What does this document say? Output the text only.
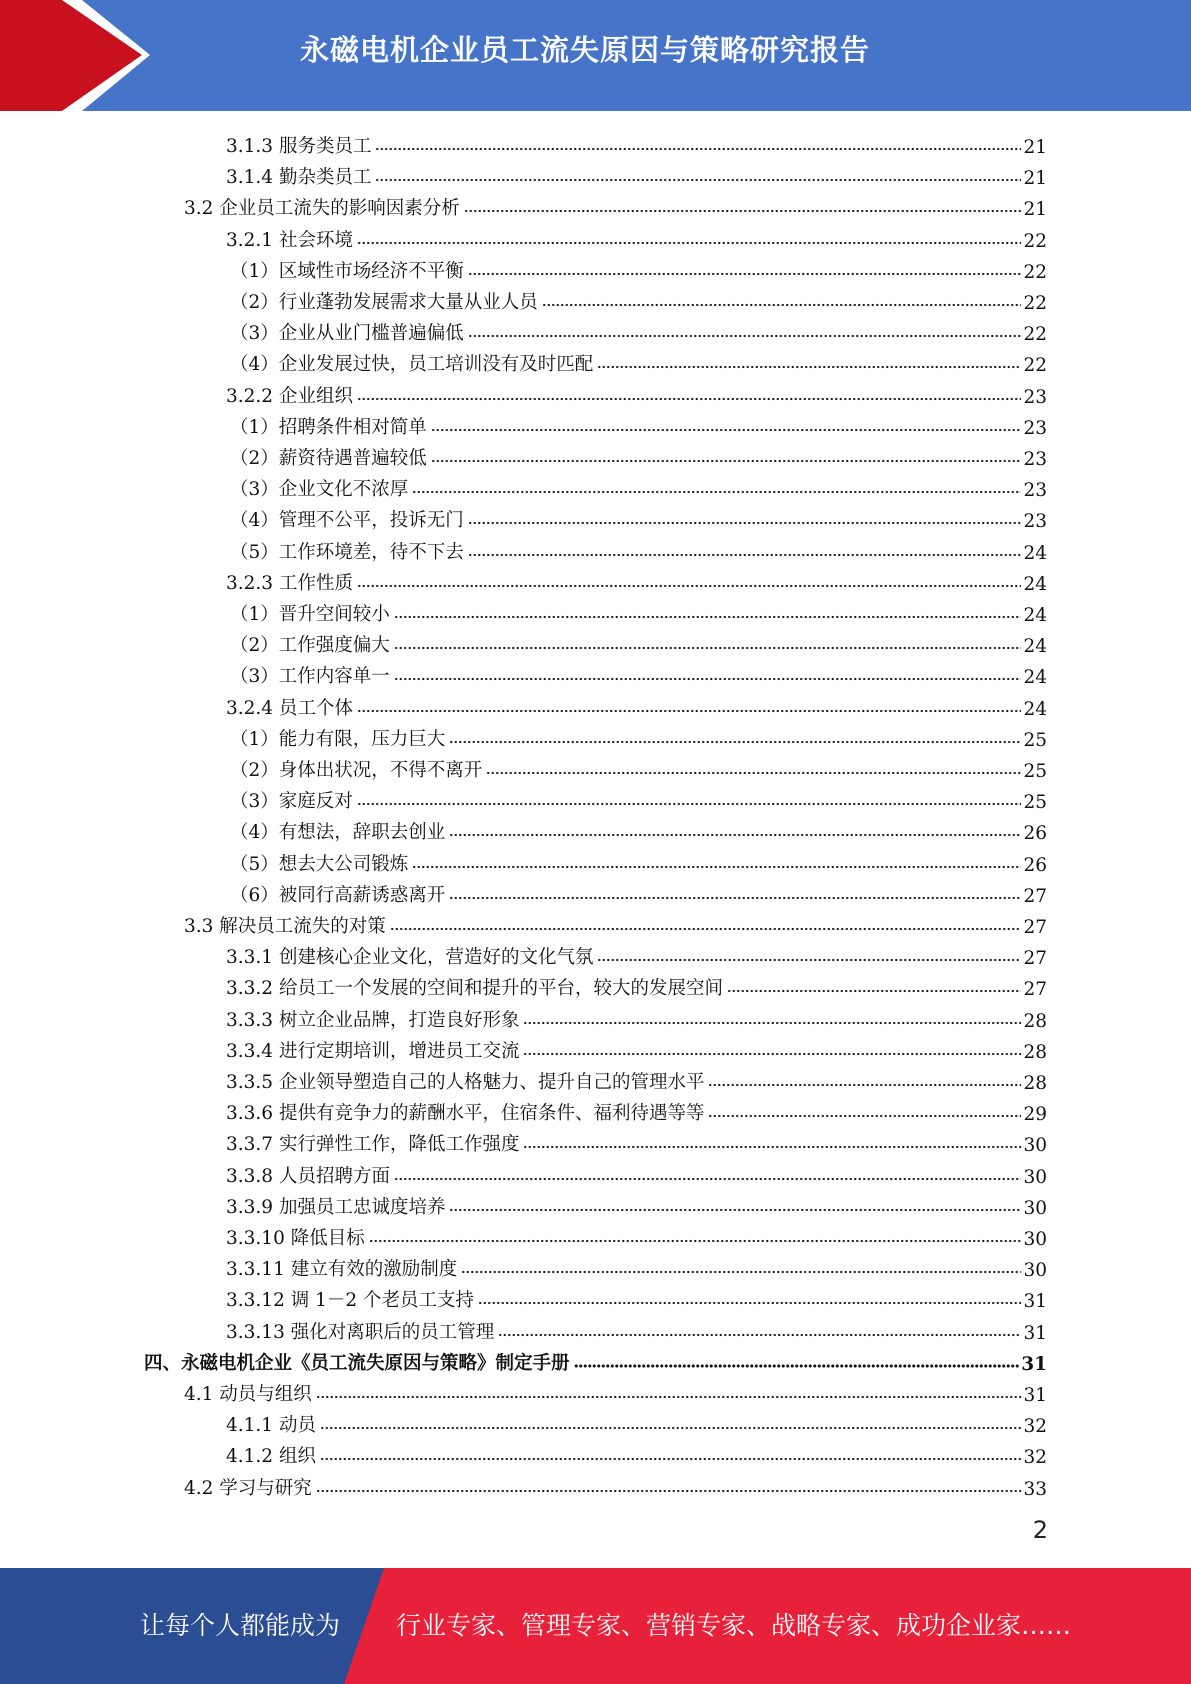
永磁电机企业员工流失原因与策略研究报告
3.1.3 服务类员工	21
3.1.4 勤杂类员工	21
3.2 企业员工流失的影响因素分析	21
3.2.1 社会环境	22
（1）区域性市场经济不平衡	22
（2）行业蓬勃发展需求大量从业人员	22
（3）企业从业门槛普遍偏低	22
（4）企业发展过快，员工培训没有及时匹配	22
3.2.2 企业组织	23
（1）招聘条件相对简单	23
（2）薪资待遇普遍较低	23
（3）企业文化不浓厚	23
（4）管理不公平，投诉无门	23
（5）工作环境差，待不下去	24
3.2.3 工作性质	24
（1）晋升空间较小	24
（2）工作强度偏大	24
（3）工作内容单一	24
3.2.4 员工个体	24
（1）能力有限，压力巨大	25
（2）身体出状况，不得不离开	25
（3）家庭反对	25
（4）有想法，辞职去创业	26
（5）想去大公司锻炼	26
（6）被同行高薪诱惑离开	27
3.3 解决员工流失的对策	27
3.3.1 创建核心企业文化，营造好的文化气氛	27
3.3.2 给员工一个发展的空间和提升的平台，较大的发展空间	27
3.3.3 树立企业品牌，打造良好形象	28
3.3.4 进行定期培训，增进员工交流	28
3.3.5 企业领导塑造自己的人格魅力、提升自己的管理水平	28
3.3.6 提供有竞争力的薪酬水平，住宿条件、福利待遇等等	29
3.3.7 实行弹性工作，降低工作强度	30
3.3.8 人员招聘方面	30
3.3.9 加强员工忠诚度培养	30
3.3.10 降低目标	30
3.3.11 建立有效的激励制度	30
3.3.12 调 1－2 个老员工支持	31
3.3.13 强化对离职后的员工管理	31
四、永磁电机企业《员工流失原因与策略》制定手册	31
4.1 动员与组织	31
4.1.1 动员	32
4.1.2 组织	32
4.2 学习与研究	33
2
让每个人都能成为 行业专家、管理专家、营销专家、战略专家、成功企业家……
